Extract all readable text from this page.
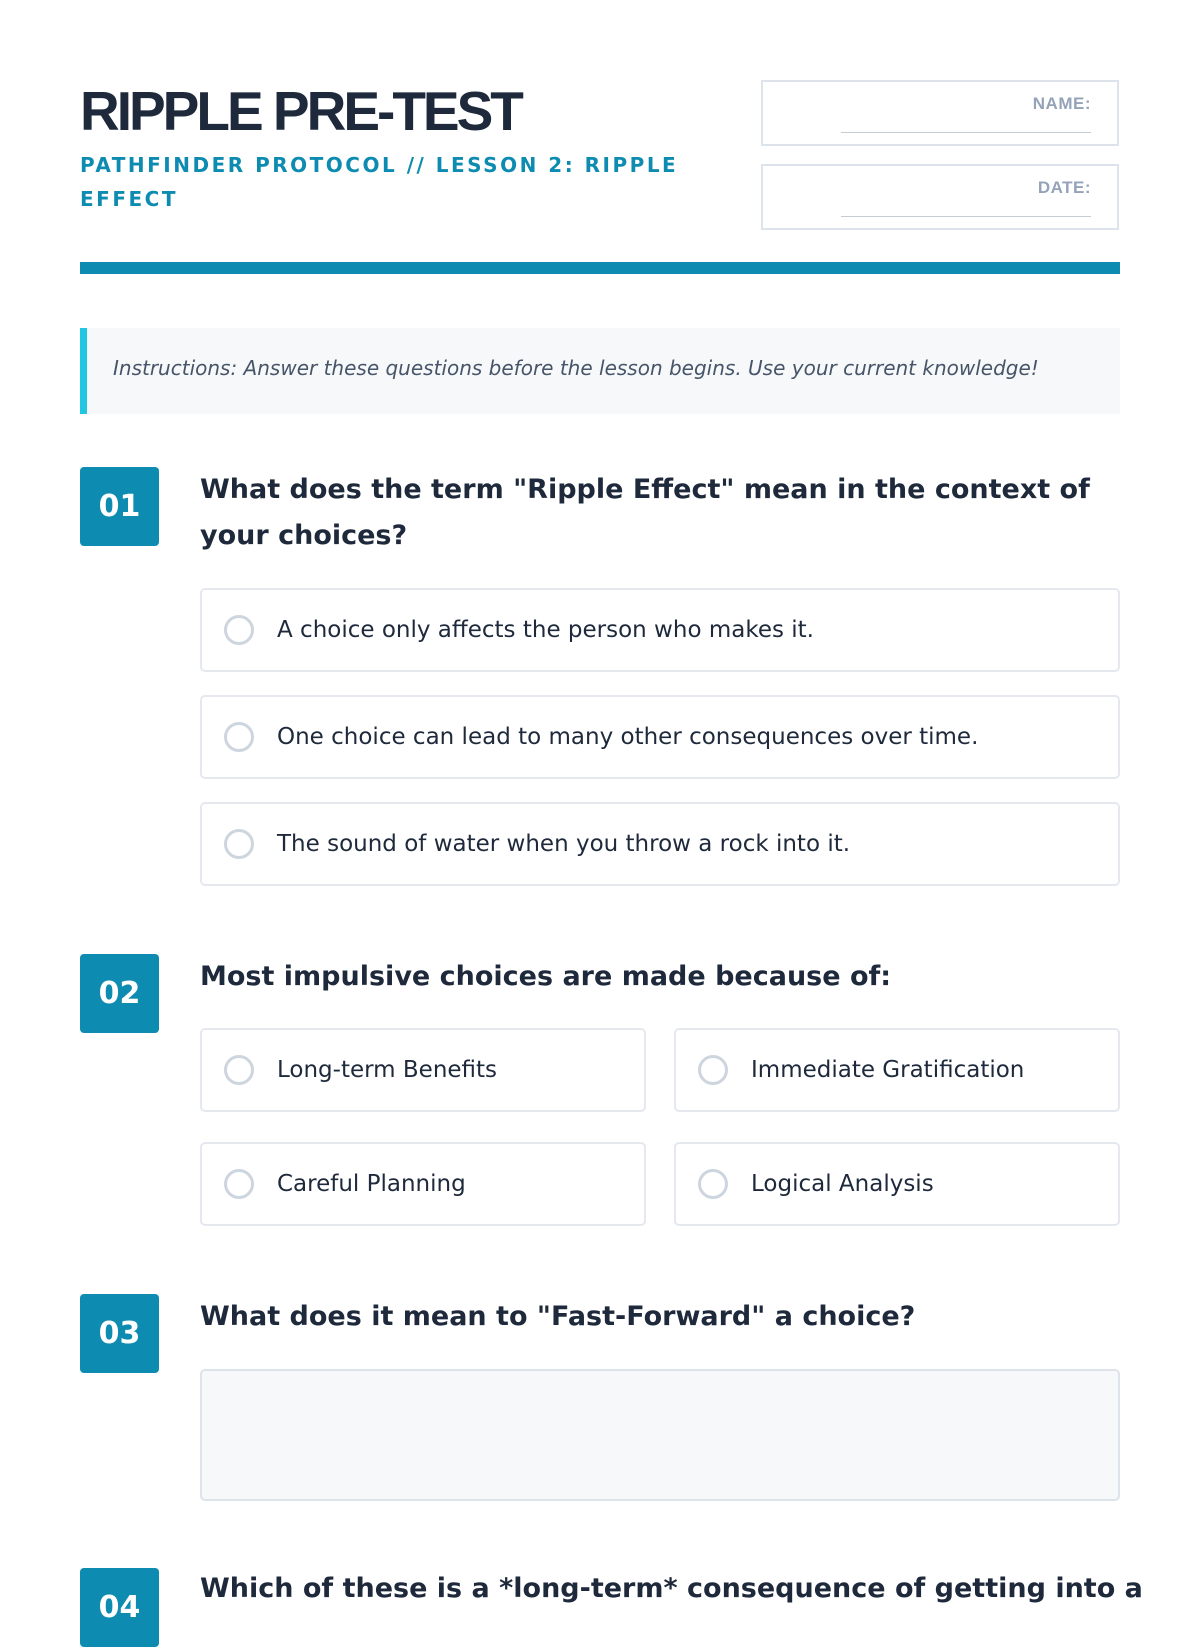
RIPPLE PRE-TEST
PATHFINDER PROTOCOL // LESSON 2: RIPPLE EFFECT
NAME:
DATE:
Instructions: Answer these questions before the lesson begins. Use your current knowledge!
01	What does the term "Ripple Effect" mean in the context of your choices?
A choice only affects the person who makes it.
One choice can lead to many other consequences over time.
The sound of water when you throw a rock into it.
02	Most impulsive choices are made because of:
Long-term Benefits	Immediate Gratification
Careful Planning	Logical Analysis
03	What does it mean to "Fast-Forward" a choice?
04
Which of these is a *long-term* consequence of getting into a
